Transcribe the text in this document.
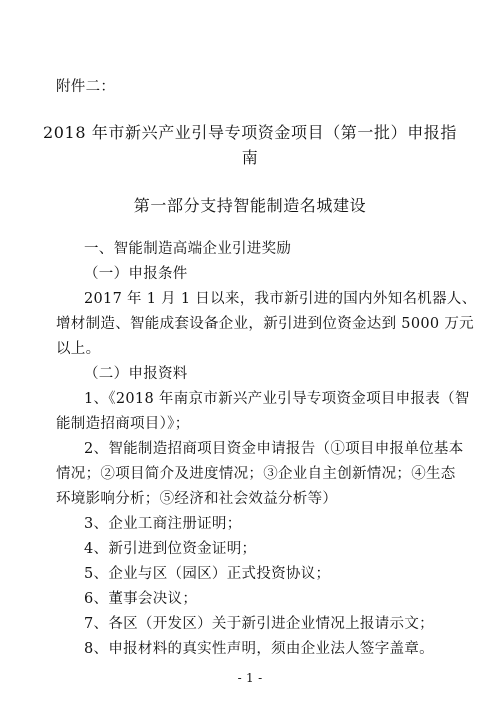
附件二：
2018 年市新兴产业引导专项资金项目（第一批）申报指
南
第一部分支持智能制造名城建设
一、智能制造高端企业引进奖励
（一）申报条件
2017 年 1 月 1 日以来，我市新引进的国内外知名机器人、
增材制造、智能成套设备企业，新引进到位资金达到 5000 万元
以上。
（二）申报资料
1、《2018 年南京市新兴产业引导专项资金项目申报表（智
能制造招商项目）》；
2、智能制造招商项目资金申请报告（①项目申报单位基本
情况；②项目简介及进度情况；③企业自主创新情况；④生态
环境影响分析；⑤经济和社会效益分析等）
3、企业工商注册证明；
4、新引进到位资金证明；
5、企业与区（园区）正式投资协议；
6、董事会决议；
7、各区（开发区）关于新引进企业情况上报请示文；
8、申报材料的真实性声明，须由企业法人签字盖章。
- 1 -
